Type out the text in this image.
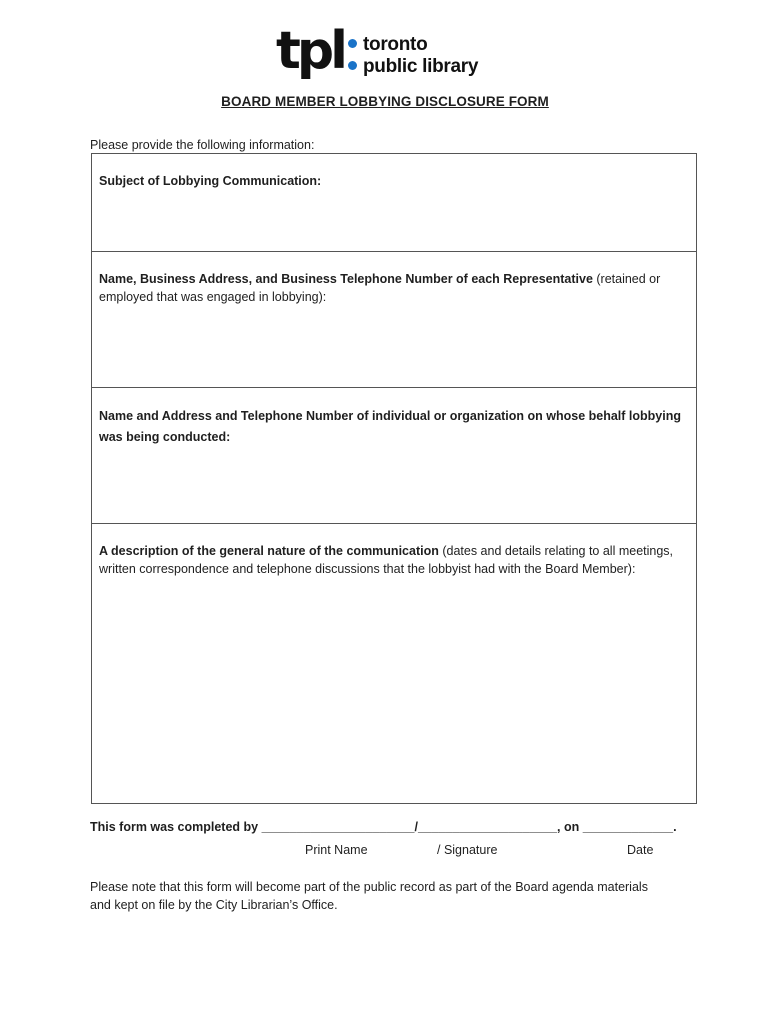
tpl	toronto
public library
BOARD MEMBER LOBBYING DISCLOSURE FORM
Please provide the following information:
Subject of Lobbying Communication:
Name, Business Address, and Business Telephone Number of each Representative (retained or employed that was engaged in lobbying):
Name and Address and Telephone Number of individual or organization on whose behalf lobbying was being conducted:
A description of the general nature of the communication (dates and details relating to all meetings, written correspondence and telephone discussions that the lobbyist had with the Board Member):
This form was completed by ______________________/____________________, on _____________.
Print Name	/ Signature	Date
Please note that this form will become part of the public record as part of the Board agenda materials and kept on file by the City Librarian’s Office.
